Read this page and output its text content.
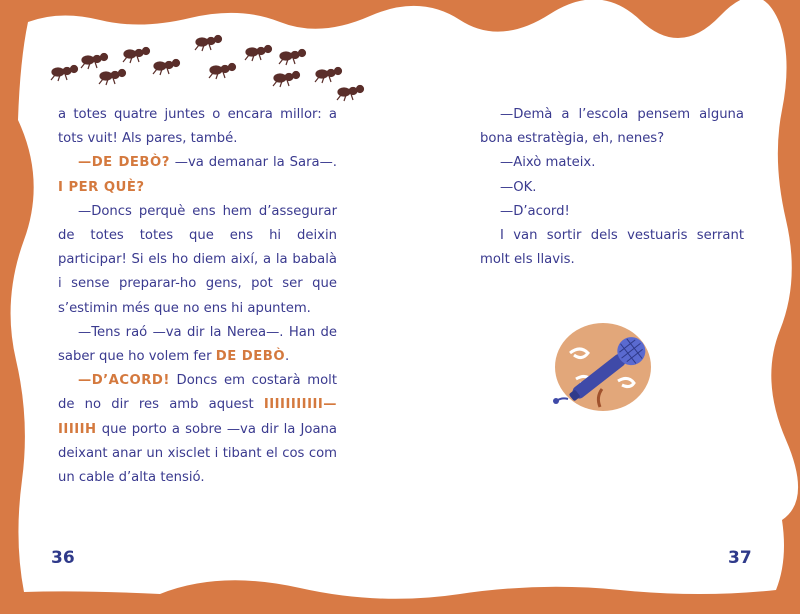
a totes quatre juntes o encara millor: a tots vuit! Als pares, també.

—DE DEBÒ? —va demanar la Sara—. I PER QUÈ?

—Doncs perquè ens hem d’assegurar de totes totes que ens hi deixin participar! Si els ho diem així, a la babalà i sense preparar-ho gens, pot ser que s’estimin més que no ens hi apuntem.

—Tens raó —va dir la Nerea—. Han de saber que ho volem fer DE DEBÒ.

—D’ACORD! Doncs em costarà molt de no dir res amb aquest IIIIIIIIIII—IIIIIH que porto a sobre —va dir la Joana deixant anar un xisclet i tibant el cos com un cable d’alta tensió.

—Demà a l’escola pensem alguna bona estratègia, eh, nenes?

—Això mateix.

—OK.

—D’acord!

I van sortir dels vestuaris serrant molt els llavis.

36	37
